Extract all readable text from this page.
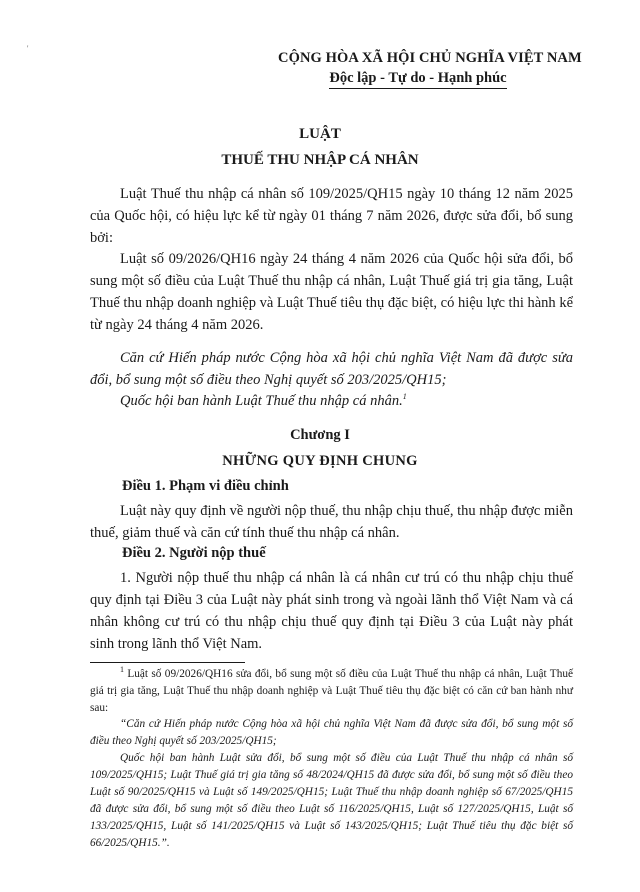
'
CỘNG HÒA XÃ HỘI CHỦ NGHĨA VIỆT NAM
Độc lập - Tự do - Hạnh phúc
LUẬT
THUẾ THU NHẬP CÁ NHÂN
Luật Thuế thu nhập cá nhân số 109/2025/QH15 ngày 10 tháng 12 năm 2025 của Quốc hội, có hiệu lực kể từ ngày 01 tháng 7 năm 2026, được sửa đổi, bổ sung bởi:
Luật số 09/2026/QH16 ngày 24 tháng 4 năm 2026 của Quốc hội sửa đổi, bổ sung một số điều của Luật Thuế thu nhập cá nhân, Luật Thuế giá trị gia tăng, Luật Thuế thu nhập doanh nghiệp và Luật Thuế tiêu thụ đặc biệt, có hiệu lực thi hành kể từ ngày 24 tháng 4 năm 2026.
Căn cứ Hiến pháp nước Cộng hòa xã hội chủ nghĩa Việt Nam đã được sửa đổi, bổ sung một số điều theo Nghị quyết số 203/2025/QH15;
Quốc hội ban hành Luật Thuế thu nhập cá nhân.$^1$
Chương I
NHỮNG QUY ĐỊNH CHUNG
Điều 1. Phạm vi điều chỉnh
Luật này quy định về người nộp thuế, thu nhập chịu thuế, thu nhập được miễn thuế, giảm thuế và căn cứ tính thuế thu nhập cá nhân.
Điều 2. Người nộp thuế
1. Người nộp thuế thu nhập cá nhân là cá nhân cư trú có thu nhập chịu thuế quy định tại Điều 3 của Luật này phát sinh trong và ngoài lãnh thổ Việt Nam và cá nhân không cư trú có thu nhập chịu thuế quy định tại Điều 3 của Luật này phát sinh trong lãnh thổ Việt Nam.
$^1$ Luật số 09/2026/QH16 sửa đổi, bổ sung một số điều của Luật Thuế thu nhập cá nhân, Luật Thuế giá trị gia tăng, Luật Thuế thu nhập doanh nghiệp và Luật Thuế tiêu thụ đặc biệt có căn cứ ban hành như sau:
“Căn cứ Hiến pháp nước Cộng hòa xã hội chủ nghĩa Việt Nam đã được sửa đổi, bổ sung một số điều theo Nghị quyết số 203/2025/QH15;
Quốc hội ban hành Luật sửa đổi, bổ sung một số điều của Luật Thuế thu nhập cá nhân số 109/2025/QH15; Luật Thuế giá trị gia tăng số 48/2024/QH15 đã được sửa đổi, bổ sung một số điều theo Luật số 90/2025/QH15 và Luật số 149/2025/QH15; Luật Thuế thu nhập doanh nghiệp số 67/2025/QH15 đã được sửa đổi, bổ sung một số điều theo Luật số 116/2025/QH15, Luật số 127/2025/QH15, Luật số 133/2025/QH15, Luật số 141/2025/QH15 và Luật số 143/2025/QH15; Luật Thuế tiêu thụ đặc biệt số 66/2025/QH15.”.
